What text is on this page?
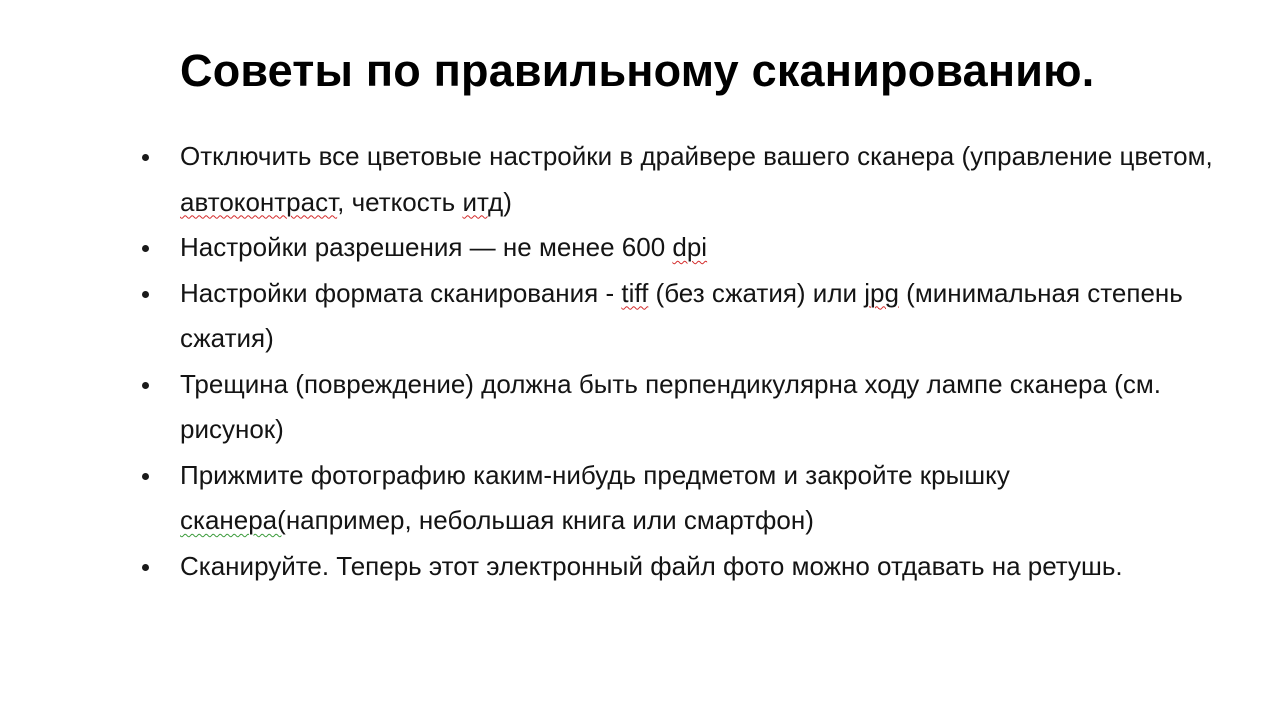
Советы по правильному сканированию.
Отключить все цветовые настройки в драйвере вашего сканера (управление цветом, автоконтраст, четкость итд)
Настройки разрешения — не менее 600 dpi
Настройки формата сканирования - tiff (без сжатия) или jpg (минимальная степень сжатия)
Трещина (повреждение) должна быть перпендикулярна ходу лампе сканера (см. рисунок)
Прижмите фотографию каким-нибудь предметом и закройте крышку сканера(например, небольшая книга или смартфон)
Сканируйте. Теперь этот электронный файл фото можно отдавать на ретушь.
